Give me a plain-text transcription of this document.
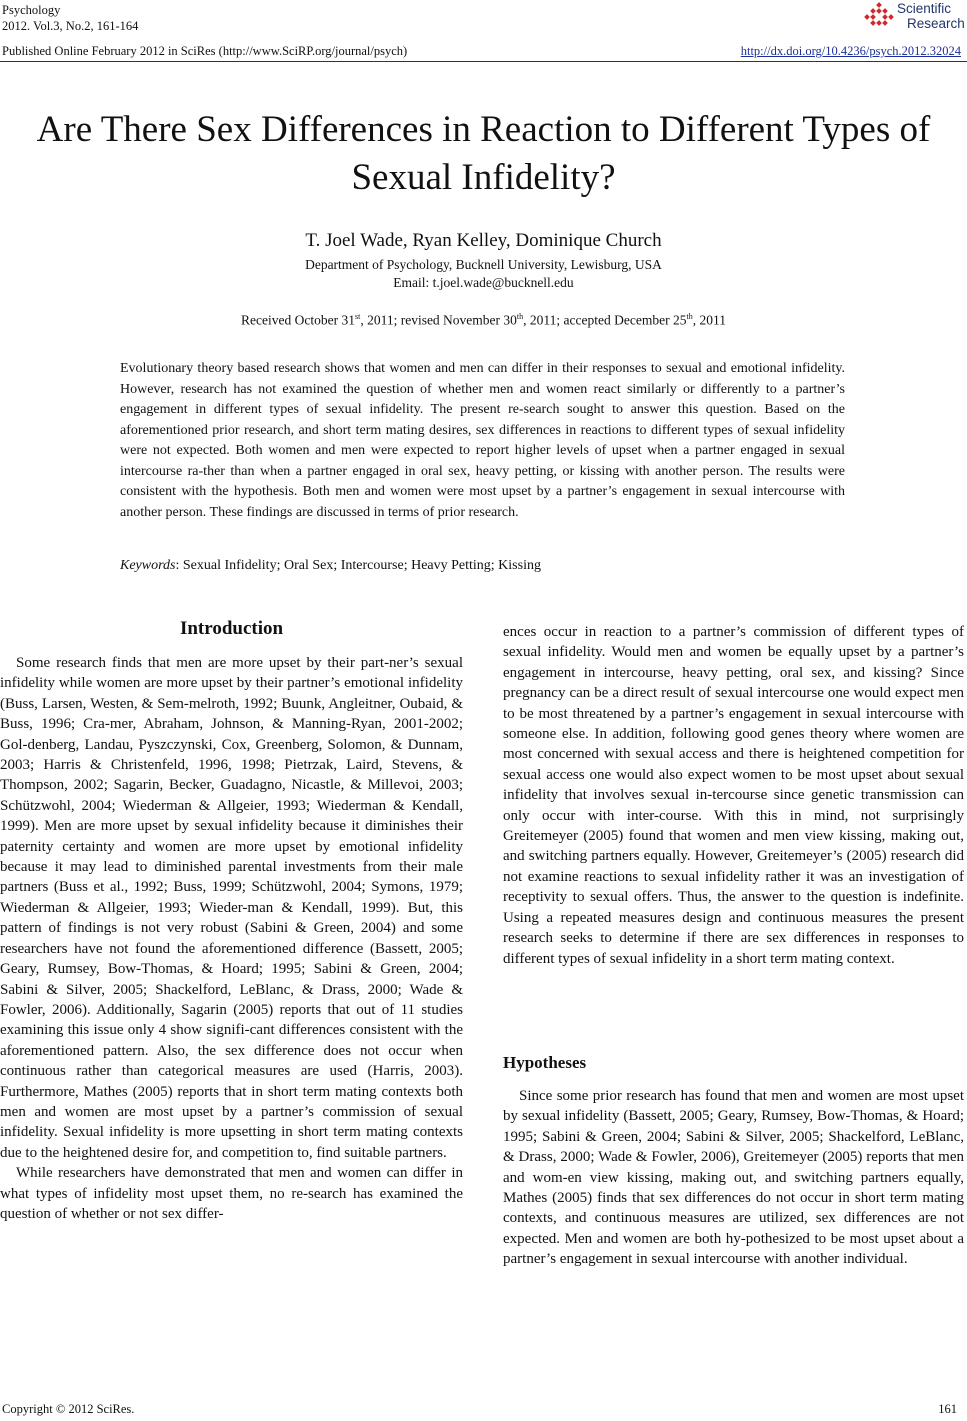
Psychology
2012. Vol.3, No.2, 161-164
Published Online February 2012 in SciRes (http://www.SciRP.org/journal/psych)	http://dx.doi.org/10.4236/psych.2012.32024
Scientific
Research
Are There Sex Differences in Reaction to Different Types of Sexual Infidelity?
T. Joel Wade, Ryan Kelley, Dominique Church
Department of Psychology, Bucknell University, Lewisburg, USA
Email: t.joel.wade@bucknell.edu
Received October 31st, 2011; revised November 30th, 2011; accepted December 25th, 2011
Evolutionary theory based research shows that women and men can differ in their responses to sexual and emotional infidelity. However, research has not examined the question of whether men and women react similarly or differently to a partner’s engagement in different types of sexual infidelity. The present re-search sought to answer this question. Based on the aforementioned prior research, and short term mating desires, sex differences in reactions to different types of sexual infidelity were not expected. Both women and men were expected to report higher levels of upset when a partner engaged in sexual intercourse ra-ther than when a partner engaged in oral sex, heavy petting, or kissing with another person. The results were consistent with the hypothesis. Both men and women were most upset by a partner’s engagement in sexual intercourse with another person. These findings are discussed in terms of prior research.
Keywords: Sexual Infidelity; Oral Sex; Intercourse; Heavy Petting; Kissing
Introduction

Some research finds that men are more upset by their part-ner’s sexual infidelity while women are more upset by their partner’s emotional infidelity (Buss, Larsen, Westen, & Sem-melroth, 1992; Buunk, Angleitner, Oubaid, & Buss, 1996; Cra-mer, Abraham, Johnson, & Manning-Ryan, 2001-2002; Gol-denberg, Landau, Pyszczynski, Cox, Greenberg, Solomon, & Dunnam, 2003; Harris & Christenfeld, 1996, 1998; Pietrzak, Laird, Stevens, & Thompson, 2002; Sagarin, Becker, Guadagno, Nicastle, & Millevoi, 2003; Schützwohl, 2004; Wiederman & Allgeier, 1993; Wiederman & Kendall, 1999). Men are more upset by sexual infidelity because it diminishes their paternity certainty and women are more upset by emotional infidelity because it may lead to diminished parental investments from their male partners (Buss et al., 1992; Buss, 1999; Schützwohl, 2004; Symons, 1979; Wiederman & Allgeier, 1993; Wieder-man & Kendall, 1999). But, this pattern of findings is not very robust (Sabini & Green, 2004) and some researchers have not found the aforementioned difference (Bassett, 2005; Geary, Rumsey, Bow-Thomas, & Hoard; 1995; Sabini & Green, 2004; Sabini & Silver, 2005; Shackelford, LeBlanc, & Drass, 2000; Wade & Fowler, 2006). Additionally, Sagarin (2005) reports that out of 11 studies examining this issue only 4 show signifi-cant differences consistent with the aforementioned pattern. Also, the sex difference does not occur when continuous rather than categorical measures are used (Harris, 2003). Furthermore, Mathes (2005) reports that in short term mating contexts both men and women are most upset by a partner’s commission of sexual infidelity. Sexual infidelity is more upsetting in short term mating contexts due to the heightened desire for, and competition to, find suitable partners.

While researchers have demonstrated that men and women can differ in what types of infidelity most upset them, no re-search has examined the question of whether or not sex differ-

ences occur in reaction to a partner’s commission of different types of sexual infidelity. Would men and women be equally upset by a partner’s engagement in intercourse, heavy petting, oral sex, and kissing? Since pregnancy can be a direct result of sexual intercourse one would expect men to be most threatened by a partner’s engagement in sexual intercourse with someone else. In addition, following good genes theory where women are most concerned with sexual access and there is heightened competition for sexual access one would also expect women to be most upset about sexual infidelity that involves sexual in-tercourse since genetic transmission can only occur with inter-course. With this in mind, not surprisingly Greitemeyer (2005) found that women and men view kissing, making out, and switching partners equally. However, Greitemeyer’s (2005) research did not examine reactions to sexual infidelity rather it was an investigation of receptivity to sexual offers. Thus, the answer to the question is indefinite. Using a repeated measures design and continuous measures the present research seeks to determine if there are sex differences in responses to different types of sexual infidelity in a short term mating context.

Hypotheses

Since some prior research has found that men and women are most upset by sexual infidelity (Bassett, 2005; Geary, Rumsey, Bow-Thomas, & Hoard; 1995; Sabini & Green, 2004; Sabini & Silver, 2005; Shackelford, LeBlanc, & Drass, 2000; Wade & Fowler, 2006), Greitemeyer (2005) reports that men and wom-en view kissing, making out, and switching partners equally, Mathes (2005) finds that sex differences do not occur in short term mating contexts, and continuous measures are utilized, sex differences are not expected. Men and women are both hy-pothesized to be most upset about a partner’s engagement in sexual intercourse with another individual.

Copyright © 2012 SciRes.	161
